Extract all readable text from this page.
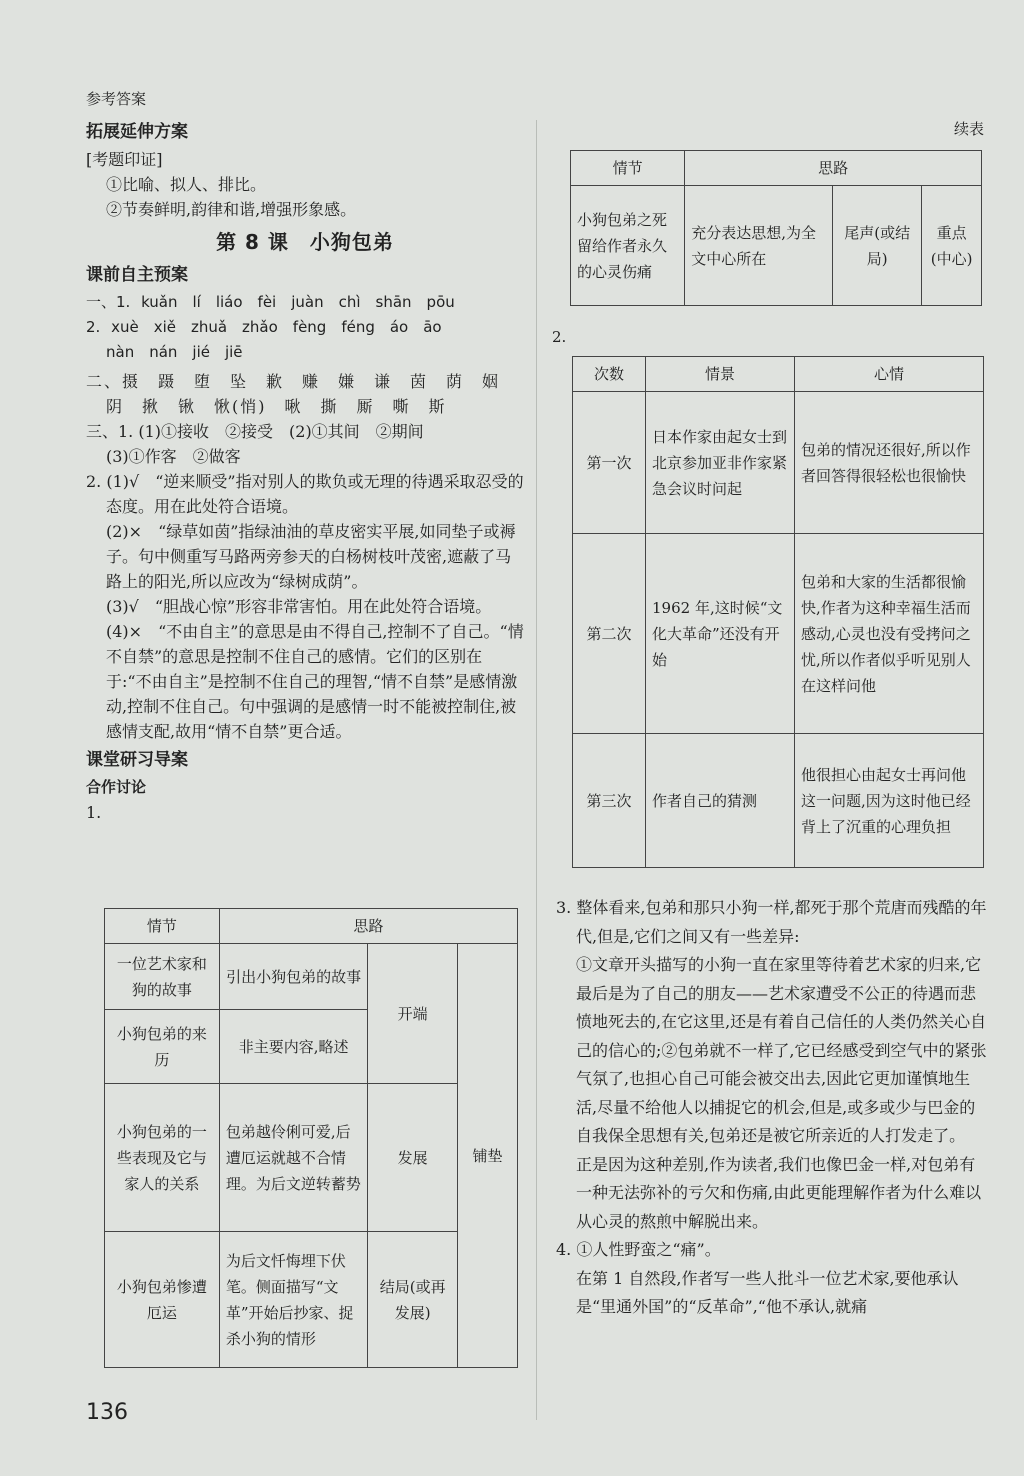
参考答案
拓展延伸方案

[考题印证]

①比喻、拟人、排比。

②节奏鲜明,韵律和谐,增强形象感。

第 8 课　小狗包弟
课前自主预案

一、1. kuǎn　lí　liáo　fèi　juàn　chì　shān　pōu

2. xuè　xiě　zhuǎ　zhǎo　fèng　féng　áo　āo

nàn　nán　jié　jiē

二、摄　蹑　堕　坠　歉　赚　嫌　谦　茵　荫　姻

阴　揪　锹　愀(悄)　啾　撕　厮　嘶　斯

三、1. (1)①接收　②接受　(2)①其间　②期间

(3)①作客　②做客

2. (1)√　“逆来顺受”指对别人的欺负或无理的待遇采取忍受的态度。用在此处符合语境。

(2)×　“绿草如茵”指绿油油的草皮密实平展,如同垫子或褥子。句中侧重写马路两旁参天的白杨树枝叶茂密,遮蔽了马路上的阳光,所以应改为“绿树成荫”。

(3)√　“胆战心惊”形容非常害怕。用在此处符合语境。

(4)×　“不由自主”的意思是由不得自己,控制不了自己。“情不自禁”的意思是控制不住自己的感情。它们的区别在于:“不由自主”是控制不住自己的理智,“情不自禁”是感情激动,控制不住自己。句中强调的是感情一时不能被控制住,被感情支配,故用“情不自禁”更合适。

课堂研习导案
合作讨论

1.

情节	思路		
一位艺术家和狗的故事	引出小狗包弟的故事	开端	铺垫
小狗包弟的来历	非主要内容,略述		
小狗包弟的一些表现及它与家人的关系	包弟越伶俐可爱,后遭厄运就越不合情理。为后文逆转蓄势	发展	
小狗包弟惨遭厄运	为后文忏悔埋下伏笔。侧面描写“文革”开始后抄家、捉杀小狗的情形	结局(或再发展)	
136
续表
情节	思路		
小狗包弟之死留给作者永久的心灵伤痛	充分表达思想,为全文中心所在	尾声(或结局)	重点(中心)
2.
次数	情景	心情
第一次	日本作家由起女士到北京参加亚非作家紧急会议时问起	包弟的情况还很好,所以作者回答得很轻松也很愉快
第二次	1962 年,这时候“文化大革命”还没有开始	包弟和大家的生活都很愉快,作者为这种幸福生活而感动,心灵也没有受拷问之忧,所以作者似乎听见别人在这样问他
第三次	作者自己的猜测	他很担心由起女士再问他这一问题,因为这时他已经背上了沉重的心理负担

3. 整体看来,包弟和那只小狗一样,都死于那个荒唐而残酷的年代,但是,它们之间又有一些差异:

①文章开头描写的小狗一直在家里等待着艺术家的归来,它最后是为了自己的朋友——艺术家遭受不公正的待遇而悲愤地死去的,在它这里,还是有着自己信任的人类仍然关心自己的信心的;②包弟就不一样了,它已经感受到空气中的紧张气氛了,也担心自己可能会被交出去,因此它更加谨慎地生活,尽量不给他人以捕捉它的机会,但是,或多或少与巴金的自我保全思想有关,包弟还是被它所亲近的人打发走了。

正是因为这种差别,作为读者,我们也像巴金一样,对包弟有一种无法弥补的亏欠和伤痛,由此更能理解作者为什么难以从心灵的熬煎中解脱出来。

4. ①人性野蛮之“痛”。

在第 1 自然段,作者写一些人批斗一位艺术家,要他承认是“里通外国”的“反革命”,“他不承认,就痛
